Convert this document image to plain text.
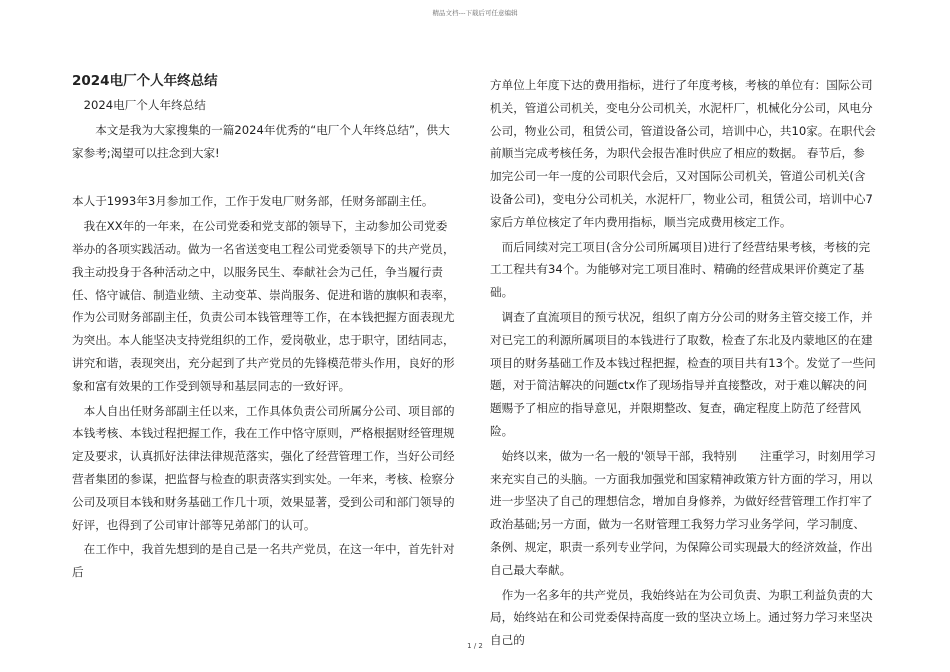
精品文档---下载后可任意编辑
2024电厂个人年终总结
2024电厂个人年终总结
本文是我为大家搜集的一篇2024年优秀的“电厂个人年终总结”，供大家参考;渴望可以拄念到大家!
本人于1993年3月参加工作，工作于发电厂财务部，任财务部副主任。
我在XX年的一年来，在公司党委和党支部的领导下，主动参加公司党委举办的各项实践活动。做为一名省送变电工程公司党委领导下的共产党员，我主动投身于各种活动之中，以服务民生、奉献社会为己任，争当履行责任、恪守诚信、制造业绩、主动变革、崇尚服务、促进和谐的旗帜和表率，作为公司财务部副主任，负责公司本钱管理等工作，在本钱把握方面表现尤为突出。本人能坚决支持党组织的工作，爱岗敬业，忠于职守，团结同志，讲究和谐，表现突出，充分起到了共产党员的先锋模范带头作用，良好的形象和富有效果的工作受到领导和基层同志的一致好评。
本人自出任财务部副主任以来，工作具体负责公司所属分公司、项目部的本钱考核、本钱过程把握工作，我在工作中恪守原则，严格根据财经管理规定及要求，认真抓好法律法律规范落实，强化了经营管理工作，当好公司经营者集团的参谋，把监督与检查的职责落实到实处。一年来，考核、检察分公司及项目本钱和财务基础工作几十项，效果显著，受到公司和部门领导的好评，也得到了公司审计部等兄弟部门的认可。
在工作中，我首先想到的是自己是一名共产党员，在这一年中，首先针对后
方单位上年度下达的费用指标，进行了年度考核，考核的单位有：国际公司机关，管道公司机关，变电分公司机关，水泥杆厂，机械化分公司，风电分公司，物业公司，租赁公司，管道设备公司，培训中心，共10家。在职代会前顺当完成考核任务，为职代会报告准时供应了相应的数据。 春节后，参加完公司一年一度的公司职代会后，又对国际公司机关，管道公司机关(含设备公司)，变电分公司机关，水泥杆厂，物业公司，租赁公司，培训中心7家后方单位核定了年内费用指标，顺当完成费用核定工作。
而后同续对完工项目(含分公司所属项目)进行了经营结果考核，考核的完工工程共有34个。为能够对完工项目准时、精确的经营成果评价奠定了基础。
调查了直流项目的预亏状况，组织了南方分公司的财务主管交接工作，并对已完工的利源所属项目的本钱进行了取数，检查了东北及内蒙地区的在建项目的财务基础工作及本钱过程把握，检查的项目共有13个。发觉了一些问题，对于简洁解决的问题ctx作了现场指导并直接整改，对于难以解决的问题赐予了相应的指导意见，并限期整改、复查，确定程度上防范了经营风险。
始终以来，做为一名一般的'领导干部，我特别　　注重学习，时刻用学习来充实自己的头脑。一方面我加强党和国家精神政策方针方面的学习，用以进一步坚决了自己的理想信念，增加自身修养，为做好经营管理工作打牢了政治基础;另一方面，做为一名财管理工我努力学习业务学问，学习制度、条例、规定，职责一系列专业学问，为保障公司实现最大的经济效益，作出自己最大奉献。
作为一名多年的共产党员，我始终站在为公司负责、为职工利益负责的大局，始终站在和公司党委保持高度一致的坚决立场上。通过努力学习来坚决自己的
1 / 2
